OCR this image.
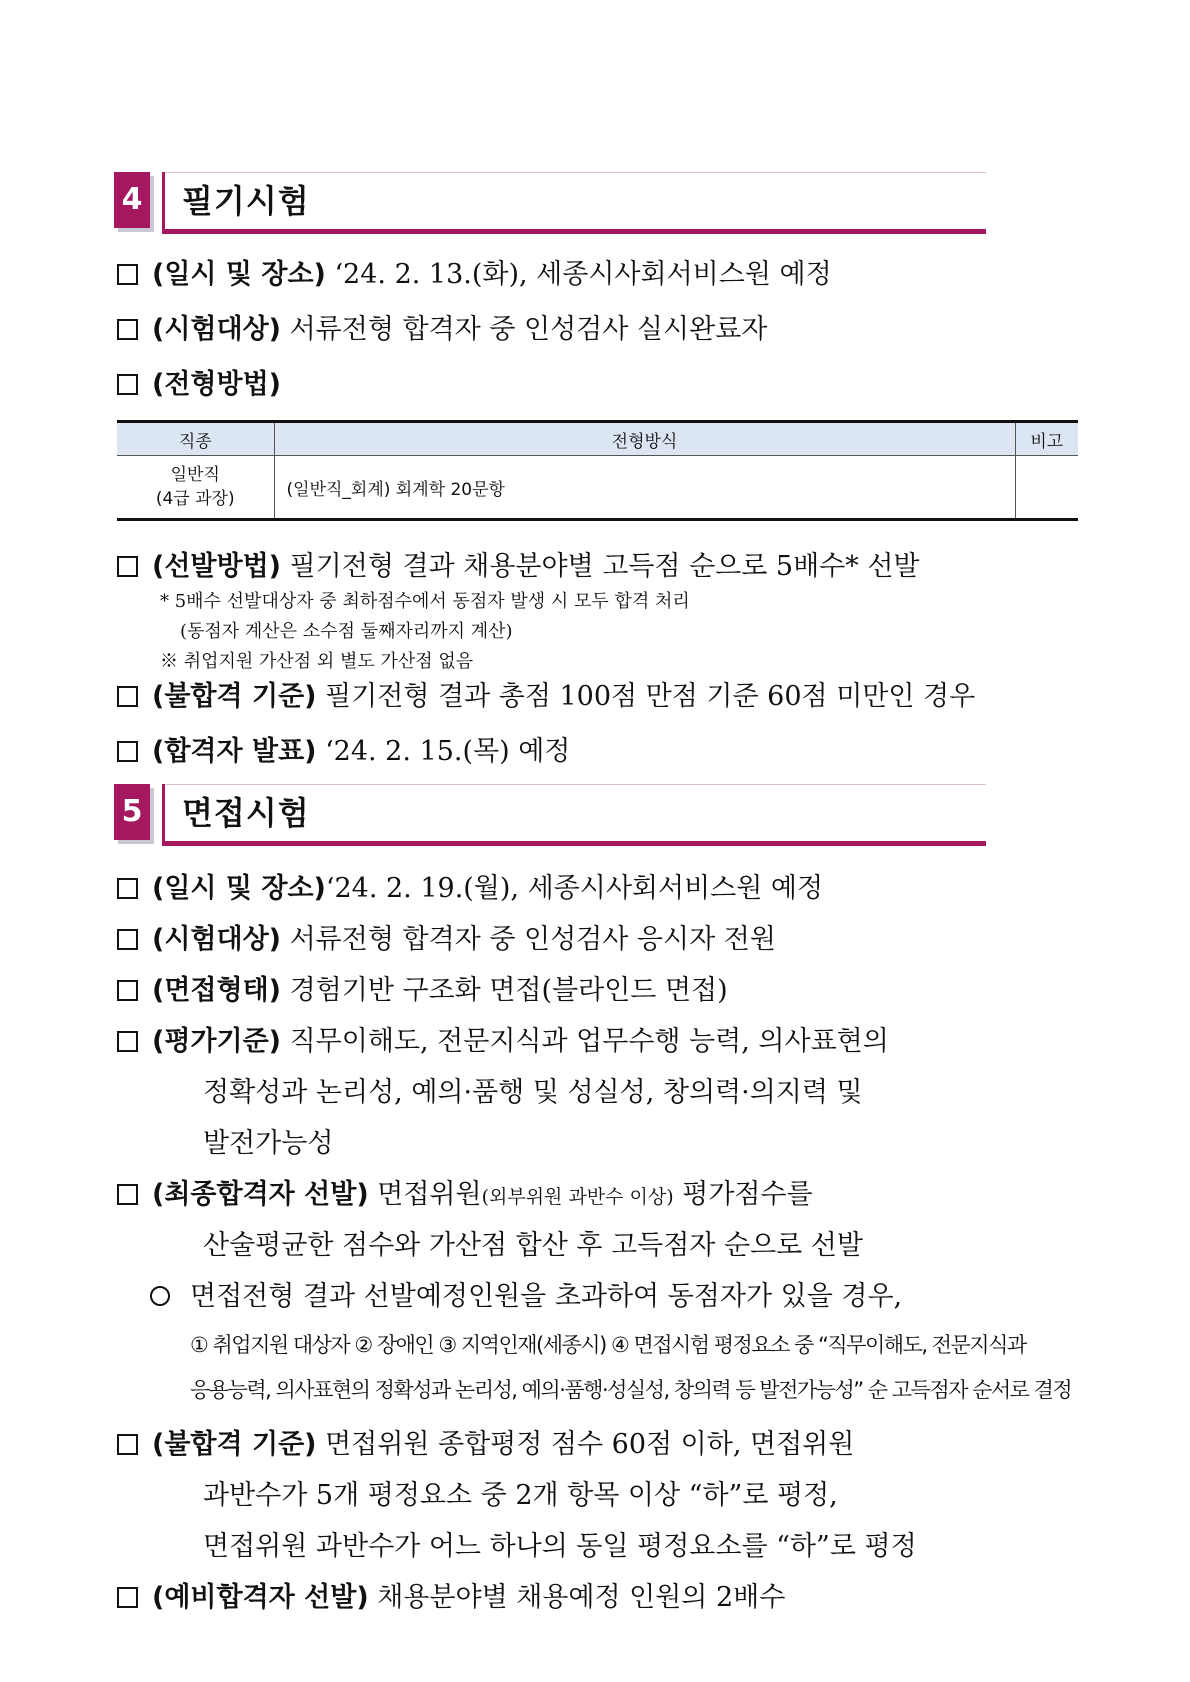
4 필기시험
(일시 및 장소) ‘24. 2. 13.(화), 세종시사회서비스원 예정
(시험대상) 서류전형 합격자 중 인성검사 실시완료자
(전형방법)
직종	전형방식	비고

일반직
(4급 과장)	(일반직_회계) 회계학 20문항	
(선발방법) 필기전형 결과 채용분야별 고득점 순으로 5배수* 선발
* 5배수 선발대상자 중 최하점수에서 동점자 발생 시 모두 합격 처리
(동점자 계산은 소수점 둘째자리까지 계산)
※ 취업지원 가산점 외 별도 가산점 없음
(불합격 기준) 필기전형 결과 총점 100점 만점 기준 60점 미만인 경우
(합격자 발표) ‘24. 2. 15.(목) 예정
5 면접시험
(일시 및 장소)‘24. 2. 19.(월), 세종시사회서비스원 예정
(시험대상) 서류전형 합격자 중 인성검사 응시자 전원
(면접형태) 경험기반 구조화 면접(블라인드 면접)
(평가기준) 직무이해도, 전문지식과 업무수행 능력, 의사표현의
정확성과 논리성, 예의·품행 및 성실성, 창의력·의지력 및
발전가능성
(최종합격자 선발) 면접위원(외부위원 과반수 이상) 평가점수를
산술평균한 점수와 가산점 합산 후 고득점자 순으로 선발
면접전형 결과 선발예정인원을 초과하여 동점자가 있을 경우,
① 취업지원 대상자 ② 장애인 ③ 지역인재(세종시) ④ 면접시험 평정요소 중 “직무이해도, 전문지식과
응용능력, 의사표현의 정확성과 논리성, 예의·품행·성실성, 창의력 등 발전가능성” 순 고득점자 순서로 결정
(불합격 기준) 면접위원 종합평정 점수 60점 이하, 면접위원
과반수가 5개 평정요소 중 2개 항목 이상 “하”로 평정,
면접위원 과반수가 어느 하나의 동일 평정요소를 “하”로 평정
(예비합격자 선발) 채용분야별 채용예정 인원의 2배수
